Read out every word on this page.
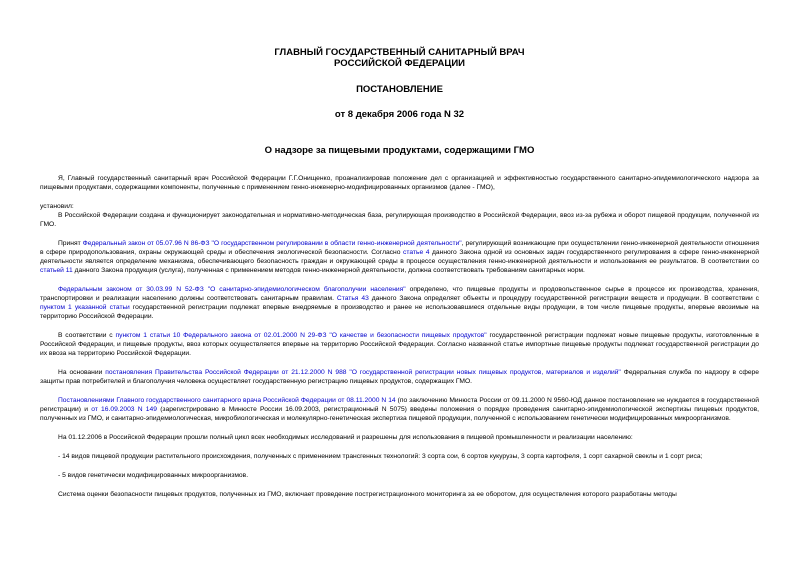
ГЛАВНЫЙ ГОСУДАРСТВЕННЫЙ САНИТАРНЫЙ ВРАЧ
РОССИЙСКОЙ ФЕДЕРАЦИИ
ПОСТАНОВЛЕНИЕ
от 8 декабря 2006 года N 32
О надзоре за пищевыми продуктами, содержащими ГМО

Я, Главный государственный санитарный врач Российской Федерации Г.Г.Онищенко, проанализировав положение дел с организацией и эффективностью государственного санитарно-эпидемиологического надзора за пищевыми продуктами, содержащими компоненты, полученные с применением генно-инженерно-модифицированных организмов (далее - ГМО),

установил:

В Российской Федерации создана и функционирует законодательная и нормативно-методическая база, регулирующая производство в Российской Федерации, ввоз из-за рубежа и оборот пищевой продукции, полученной из ГМО.

Принят Федеральный закон от 05.07.96 N 86-ФЗ "О государственном регулировании в области генно-инженерной деятельности", регулирующий возникающие при осуществлении генно-инженерной деятельности отношения в сфере природопользования, охраны окружающей среды и обеспечения экологической безопасности. Согласно статье 4 данного Закона одной из основных задач государственного регулирования в сфере генно-инженерной деятельности является определение механизма, обеспечивающего безопасность граждан и окружающей среды в процессе осуществления генно-инженерной деятельности и использования ее результатов. В соответствии со статьей 11 данного Закона продукция (услуга), полученная с применением методов генно-инженерной деятельности, должна соответствовать требованиям санитарных норм.

Федеральным законом от 30.03.99 N 52-ФЗ "О санитарно-эпидемиологическом благополучии населения" определено, что пищевые продукты и продовольственное сырье в процессе их производства, хранения, транспортировки и реализации населению должны соответствовать санитарным правилам. Статья 43 данного Закона определяет объекты и процедуру государственной регистрации веществ и продукции. В соответствии с пунктом 1 указанной статьи государственной регистрации подлежат впервые внедряемые в производство и ранее не использовавшиеся отдельные виды продукции, в том числе пищевые продукты, впервые ввозимые на территорию Российской Федерации.

В соответствии с пунктом 1 статьи 10 Федерального закона от 02.01.2000 N 29-ФЗ "О качестве и безопасности пищевых продуктов" государственной регистрации подлежат новые пищевые продукты, изготовленные в Российской Федерации, и пищевые продукты, ввоз которых осуществляется впервые на территорию Российской Федерации. Согласно названной статье импортные пищевые продукты подлежат государственной регистрации до их ввоза на территорию Российской Федерации.

На основании постановления Правительства Российской Федерации от 21.12.2000 N 988 "О государственной регистрации новых пищевых продуктов, материалов и изделий" Федеральная служба по надзору в сфере защиты прав потребителей и благополучия человека осуществляет государственную регистрацию пищевых продуктов, содержащих ГМО.

Постановлениями Главного государственного санитарного врача Российской Федерации от 08.11.2000 N 14 (по заключению Минюста России от 09.11.2000 N 9560-ЮД данное постановление не нуждается в государственной регистрации) и от 16.09.2003 N 149 (зарегистрировано в Минюсте России 16.09.2003, регистрационный N 5075) введены положения о порядке проведения санитарно-эпидемиологической экспертизы пищевых продуктов, полученных из ГМО, и санитарно-эпидемиологическая, микробиологическая и молекулярно-генетическая экспертиза пищевой продукции, полученной с использованием генетически модифицированных микроорганизмов.

На 01.12.2006 в Российской Федерации прошли полный цикл всех необходимых исследований и разрешены для использования в пищевой промышленности и реализации населению:

- 14 видов пищевой продукции растительного происхождения, полученных с применением трансгенных технологий: 3 сорта сои, 6 сортов кукурузы, 3 сорта картофеля, 1 сорт сахарной свеклы и 1 сорт риса;

- 5 видов генетически модифицированных микроорганизмов.

Система оценки безопасности пищевых продуктов, полученных из ГМО, включает проведение пострегистрационного мониторинга за ее оборотом, для осуществления которого разработаны методы
